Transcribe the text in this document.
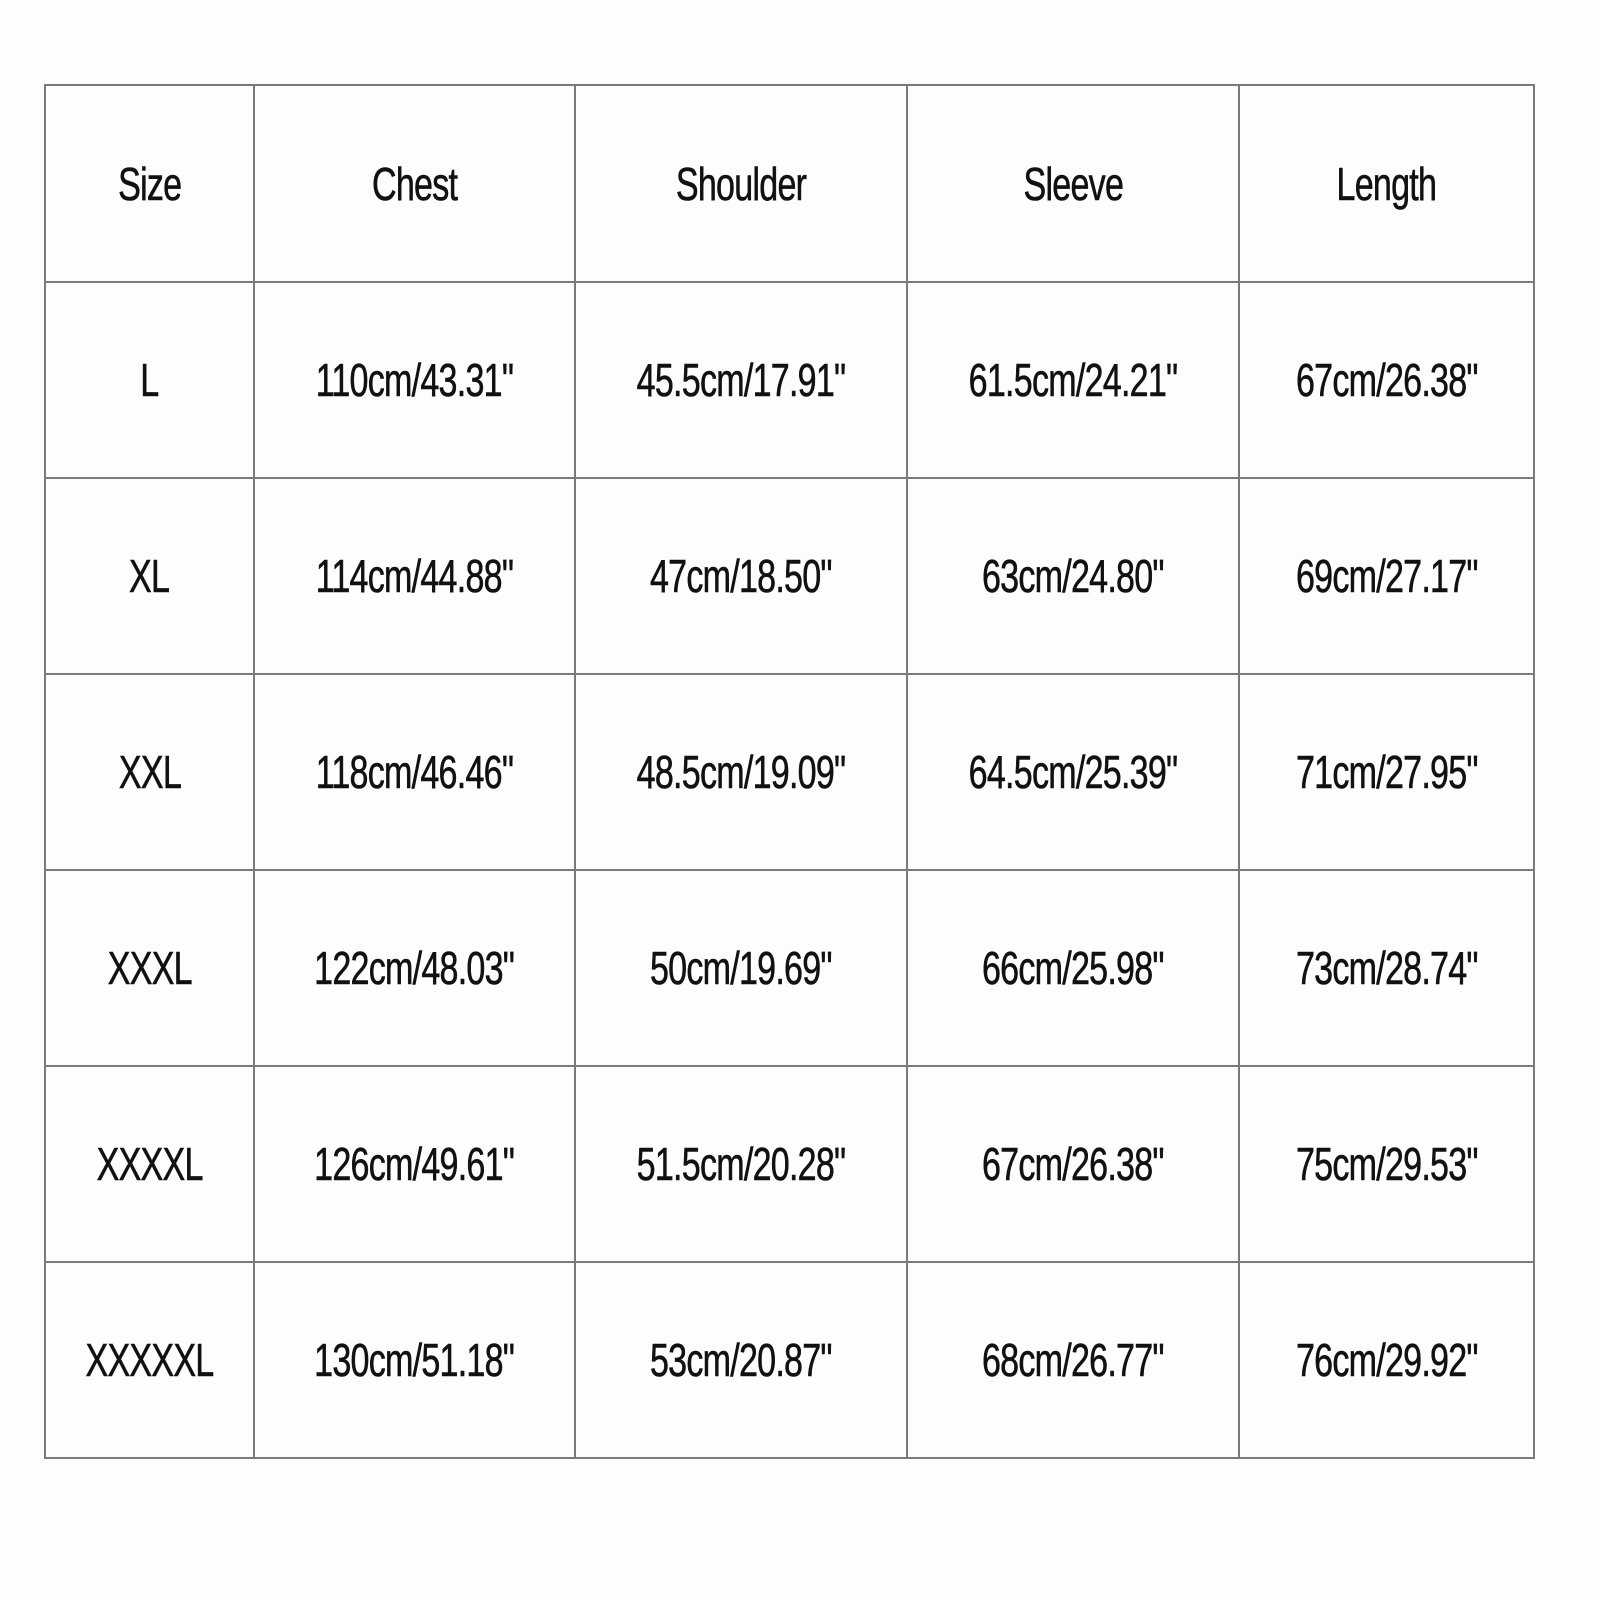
Size	Chest	Shoulder	Sleeve	Length
L	110cm/43.31"	45.5cm/17.91"	61.5cm/24.21"	67cm/26.38"
XL	114cm/44.88"	47cm/18.50"	63cm/24.80"	69cm/27.17"
XXL	118cm/46.46"	48.5cm/19.09"	64.5cm/25.39"	71cm/27.95"
XXXL	122cm/48.03"	50cm/19.69"	66cm/25.98"	73cm/28.74"
XXXXL	126cm/49.61"	51.5cm/20.28"	67cm/26.38"	75cm/29.53"
XXXXXL	130cm/51.18"	53cm/20.87"	68cm/26.77"	76cm/29.92"
